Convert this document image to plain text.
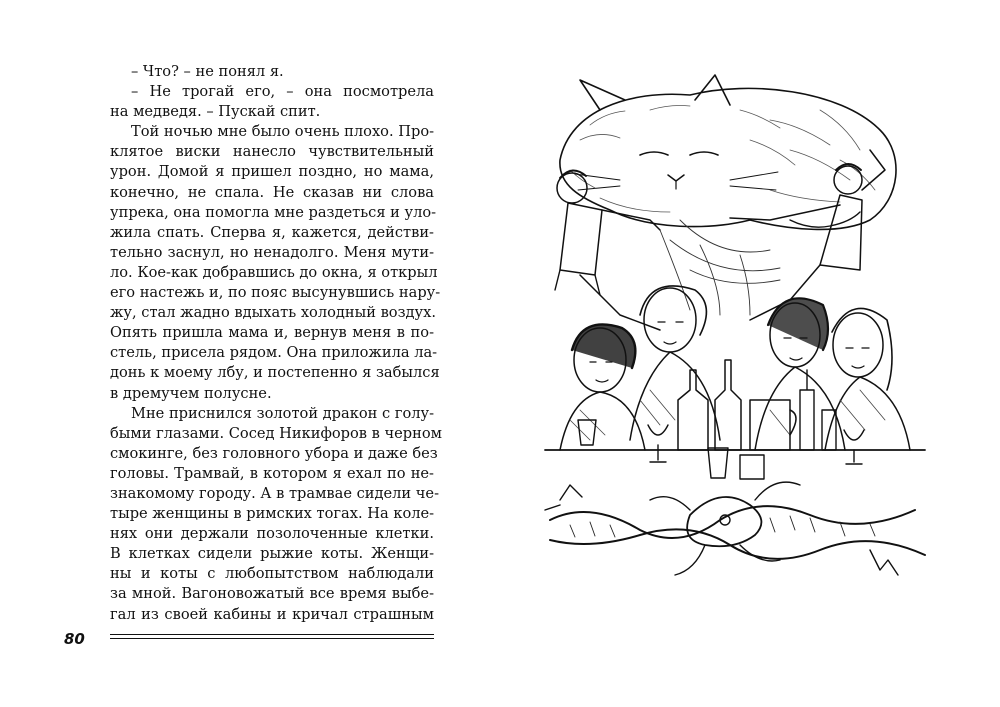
– Что? – не понял я.

– Не трогай его, – она посмотрела
на медведя. – Пускай спит.

Той ночью мне было очень плохо. Про-
клятое виски нанесло чувствительный
урон. Домой я пришел поздно, но мама,
конечно, не спала. Не сказав ни слова
упрека, она помогла мне раздеться и уло-
жила спать. Сперва я, кажется, действи-
тельно заснул, но ненадолго. Меня мути-
ло. Кое-как добравшись до окна, я открыл
его настежь и, по пояс высунувшись нару-
жу, стал жадно вдыхать холодный воздух.
Опять пришла мама и, вернув меня в по-
стель, присела рядом. Она приложила ла-
донь к моему лбу, и постепенно я забылся
в дремучем полусне.

Мне приснился золотой дракон с голу-
быми глазами. Сосед Никифоров в черном
смокинге, без головного убора и даже без
головы. Трамвай, в котором я ехал по не-
знакомому городу. А в трамвае сидели че-
тыре женщины в римских тогах. На коле-
нях они держали позолоченные клетки.
В клетках сидели рыжие коты. Женщи-
ны и коты с любопытством наблюдали
за мной. Вагоновожатый все время выбе-
гал из своей кабины и кричал страшным

80
